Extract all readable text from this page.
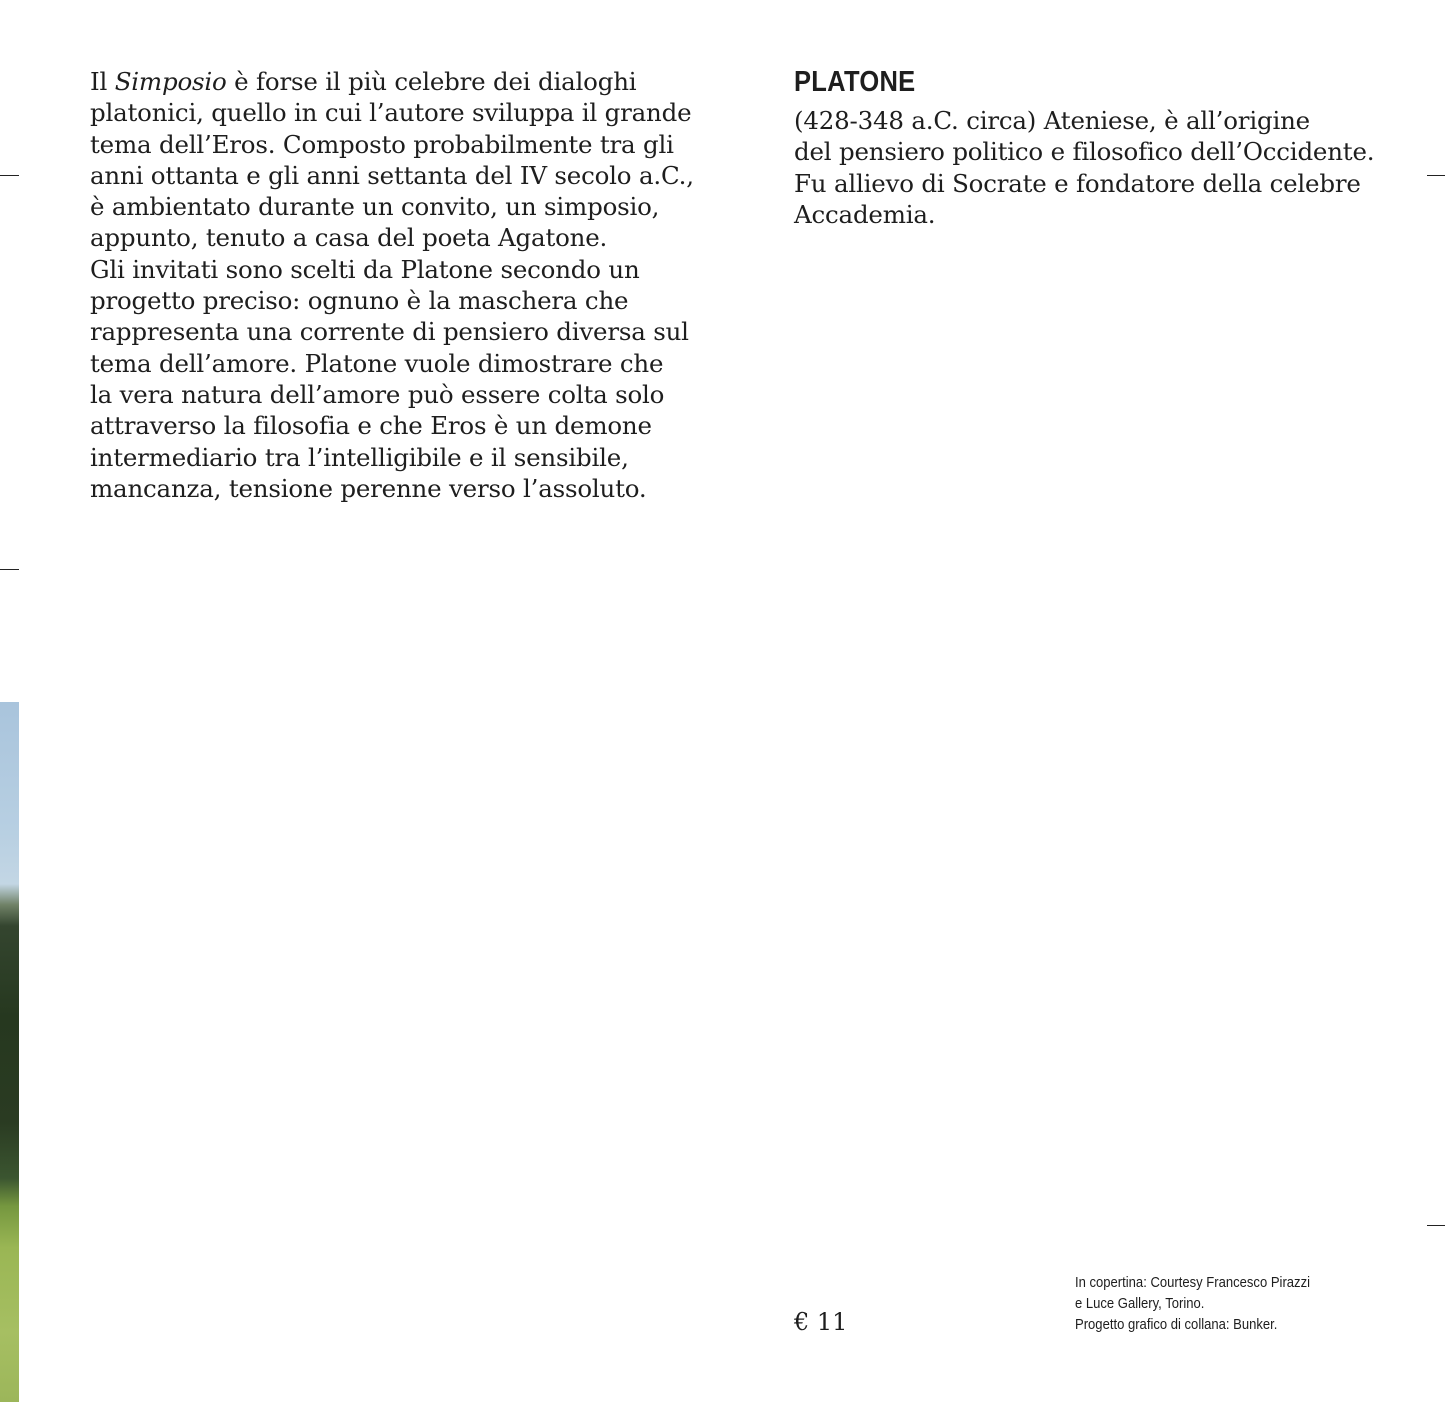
Il Simposio è forse il più celebre dei dialoghi
platonici, quello in cui l’autore sviluppa il grande
tema dell’Eros. Composto probabilmente tra gli
anni ottanta e gli anni settanta del IV secolo a.C.,
è ambientato durante un convito, un simposio,
appunto, tenuto a casa del poeta Agatone.

Gli invitati sono scelti da Platone secondo un
progetto preciso: ognuno è la maschera che
rappresenta una corrente di pensiero diversa sul
tema dell’amore. Platone vuole dimostrare che
la vera natura dell’amore può essere colta solo
attraverso la filosofia e che Eros è un demone
intermediario tra l’intelligibile e il sensibile,
mancanza, tensione perenne verso l’assoluto.

PLATONE
(428-348 a.C. circa) Ateniese, è all’origine
del pensiero politico e filosofico dell’Occidente.
Fu allievo di Socrate e fondatore della celebre
Accademia.
€ 11
In copertina: Courtesy Francesco Pirazzi
e Luce Gallery, Torino.
Progetto grafico di collana: Bunker.
